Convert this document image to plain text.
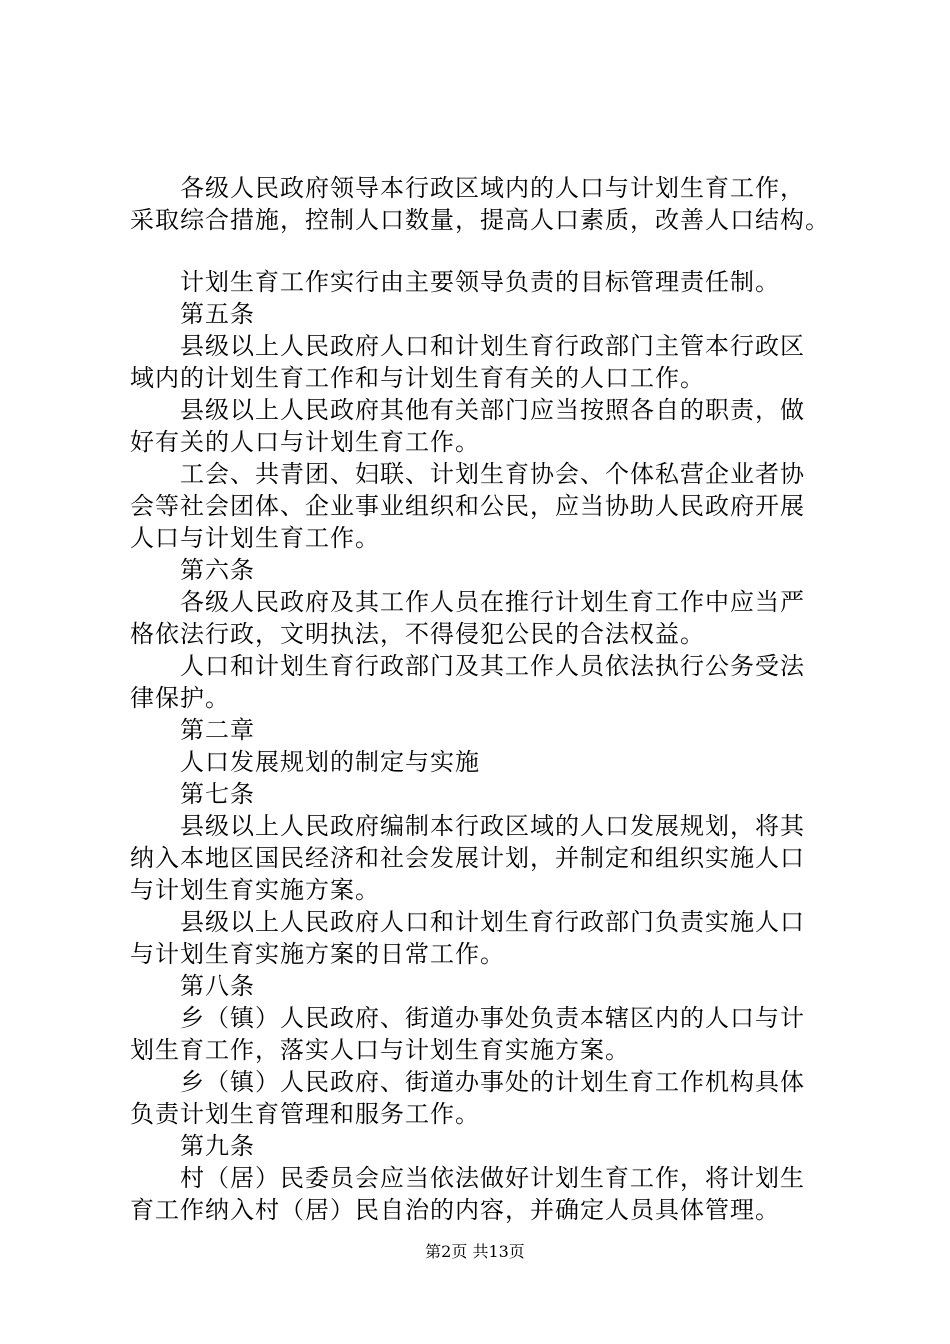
各级人民政府领导本行政区域内的人口与计划生育工作，
采取综合措施，控制人口数量，提高人口素质，改善人口结构。
计划生育工作实行由主要领导负责的目标管理责任制。
第五条
县级以上人民政府人口和计划生育行政部门主管本行政区
域内的计划生育工作和与计划生育有关的人口工作。
县级以上人民政府其他有关部门应当按照各自的职责，做
好有关的人口与计划生育工作。
工会、共青团、妇联、计划生育协会、个体私营企业者协
会等社会团体、企业事业组织和公民，应当协助人民政府开展
人口与计划生育工作。
第六条
各级人民政府及其工作人员在推行计划生育工作中应当严
格依法行政，文明执法，不得侵犯公民的合法权益。
人口和计划生育行政部门及其工作人员依法执行公务受法
律保护。
第二章
人口发展规划的制定与实施
第七条
县级以上人民政府编制本行政区域的人口发展规划，将其
纳入本地区国民经济和社会发展计划，并制定和组织实施人口
与计划生育实施方案。
县级以上人民政府人口和计划生育行政部门负责实施人口
与计划生育实施方案的日常工作。
第八条
乡（镇）人民政府、街道办事处负责本辖区内的人口与计
划生育工作，落实人口与计划生育实施方案。
乡（镇）人民政府、街道办事处的计划生育工作机构具体
负责计划生育管理和服务工作。
第九条
村（居）民委员会应当依法做好计划生育工作，将计划生
育工作纳入村（居）民自治的内容，并确定人员具体管理。
第2页 共13页
